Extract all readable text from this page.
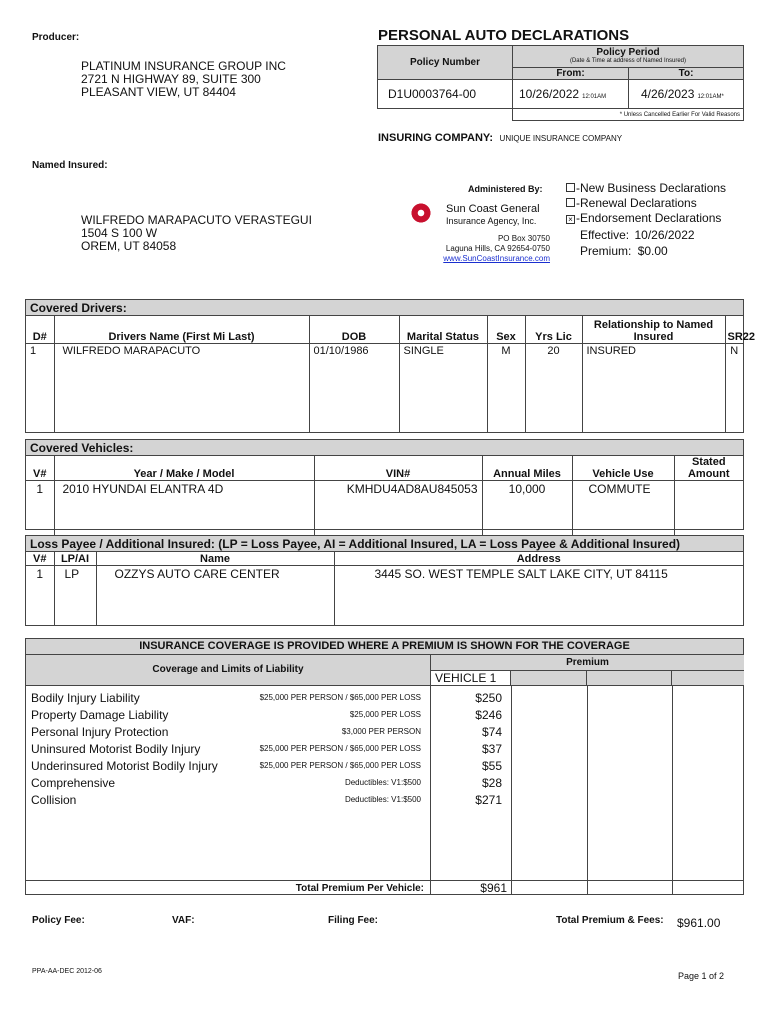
Producer:
PLATINUM INSURANCE GROUP INC
2721 N HIGHWAY 89, SUITE 300
PLEASANT VIEW, UT 84404
PERSONAL AUTO DECLARATIONS
Policy Number	Policy Period
(Date & Time at address of Named Insured)	

	From:	To:
D1U0003764-00	10/26/2022 12:01AM	4/26/2023 12:01AM*
	* Unless Cancelled Earlier For Valid Reasons	
INSURING COMPANY: UNIQUE INSURANCE COMPANY
Named Insured:
WILFREDO MARAPACUTO VERASTEGUI
1504 S 100 W
OREM, UT 84058
Administered By:
Sun Coast General
Insurance Agency, Inc.
PO Box 30750
Laguna Hills, CA 92654-0750
www.SunCoastInsurance.com
-New Business Declarations
-Renewal Declarations
× -Endorsement Declarations
Effective: 10/26/2022
Premium: $0.00
Covered Drivers:
D#	Drivers Name (First Mi Last)	DOB	Marital Status	Sex	Yrs Lic	Relationship to Named Insured	SR22
1	WILFREDO MARAPACUTO	01/10/1986	SINGLE	M	20	INSURED	N
Covered Vehicles:
V#	Year / Make / Model	VIN#	Annual Miles	Vehicle Use	Stated Amount
1	2010 HYUNDAI ELANTRA 4D	KMHDU4AD8AU845053	10,000	COMMUTE	
Loss Payee / Additional Insured: (LP = Loss Payee, AI = Additional Insured, LA = Loss Payee & Additional Insured)
V#	LP/AI	Name	Address
1	LP	OZZYS AUTO CARE CENTER	3445 SO. WEST TEMPLE SALT LAKE CITY, UT 84115
INSURANCE COVERAGE IS PROVIDED WHERE A PREMIUM IS SHOWN FOR THE COVERAGE
Coverage and Limits of Liability
Premium
VEHICLE 1
Bodily Injury Liability	$25,000 PER PERSON / $65,000 PER LOSS	$250
Property Damage Liability	$25,000 PER LOSS	$246
Personal Injury Protection	$3,000 PER PERSON	$74
Uninsured Motorist Bodily Injury	$25,000 PER PERSON / $65,000 PER LOSS	$37
Underinsured Motorist Bodily Injury	$25,000 PER PERSON / $65,000 PER LOSS	$55
Comprehensive	Deductibles: V1:$500	$28
Collision	Deductibles: V1:$500	$271
Total Premium Per Vehicle:	$961
Policy Fee:	VAF:	Filing Fee:	Total Premium & Fees: $961.00
PPA-AA-DEC 2012-06	Page 1 of 2
